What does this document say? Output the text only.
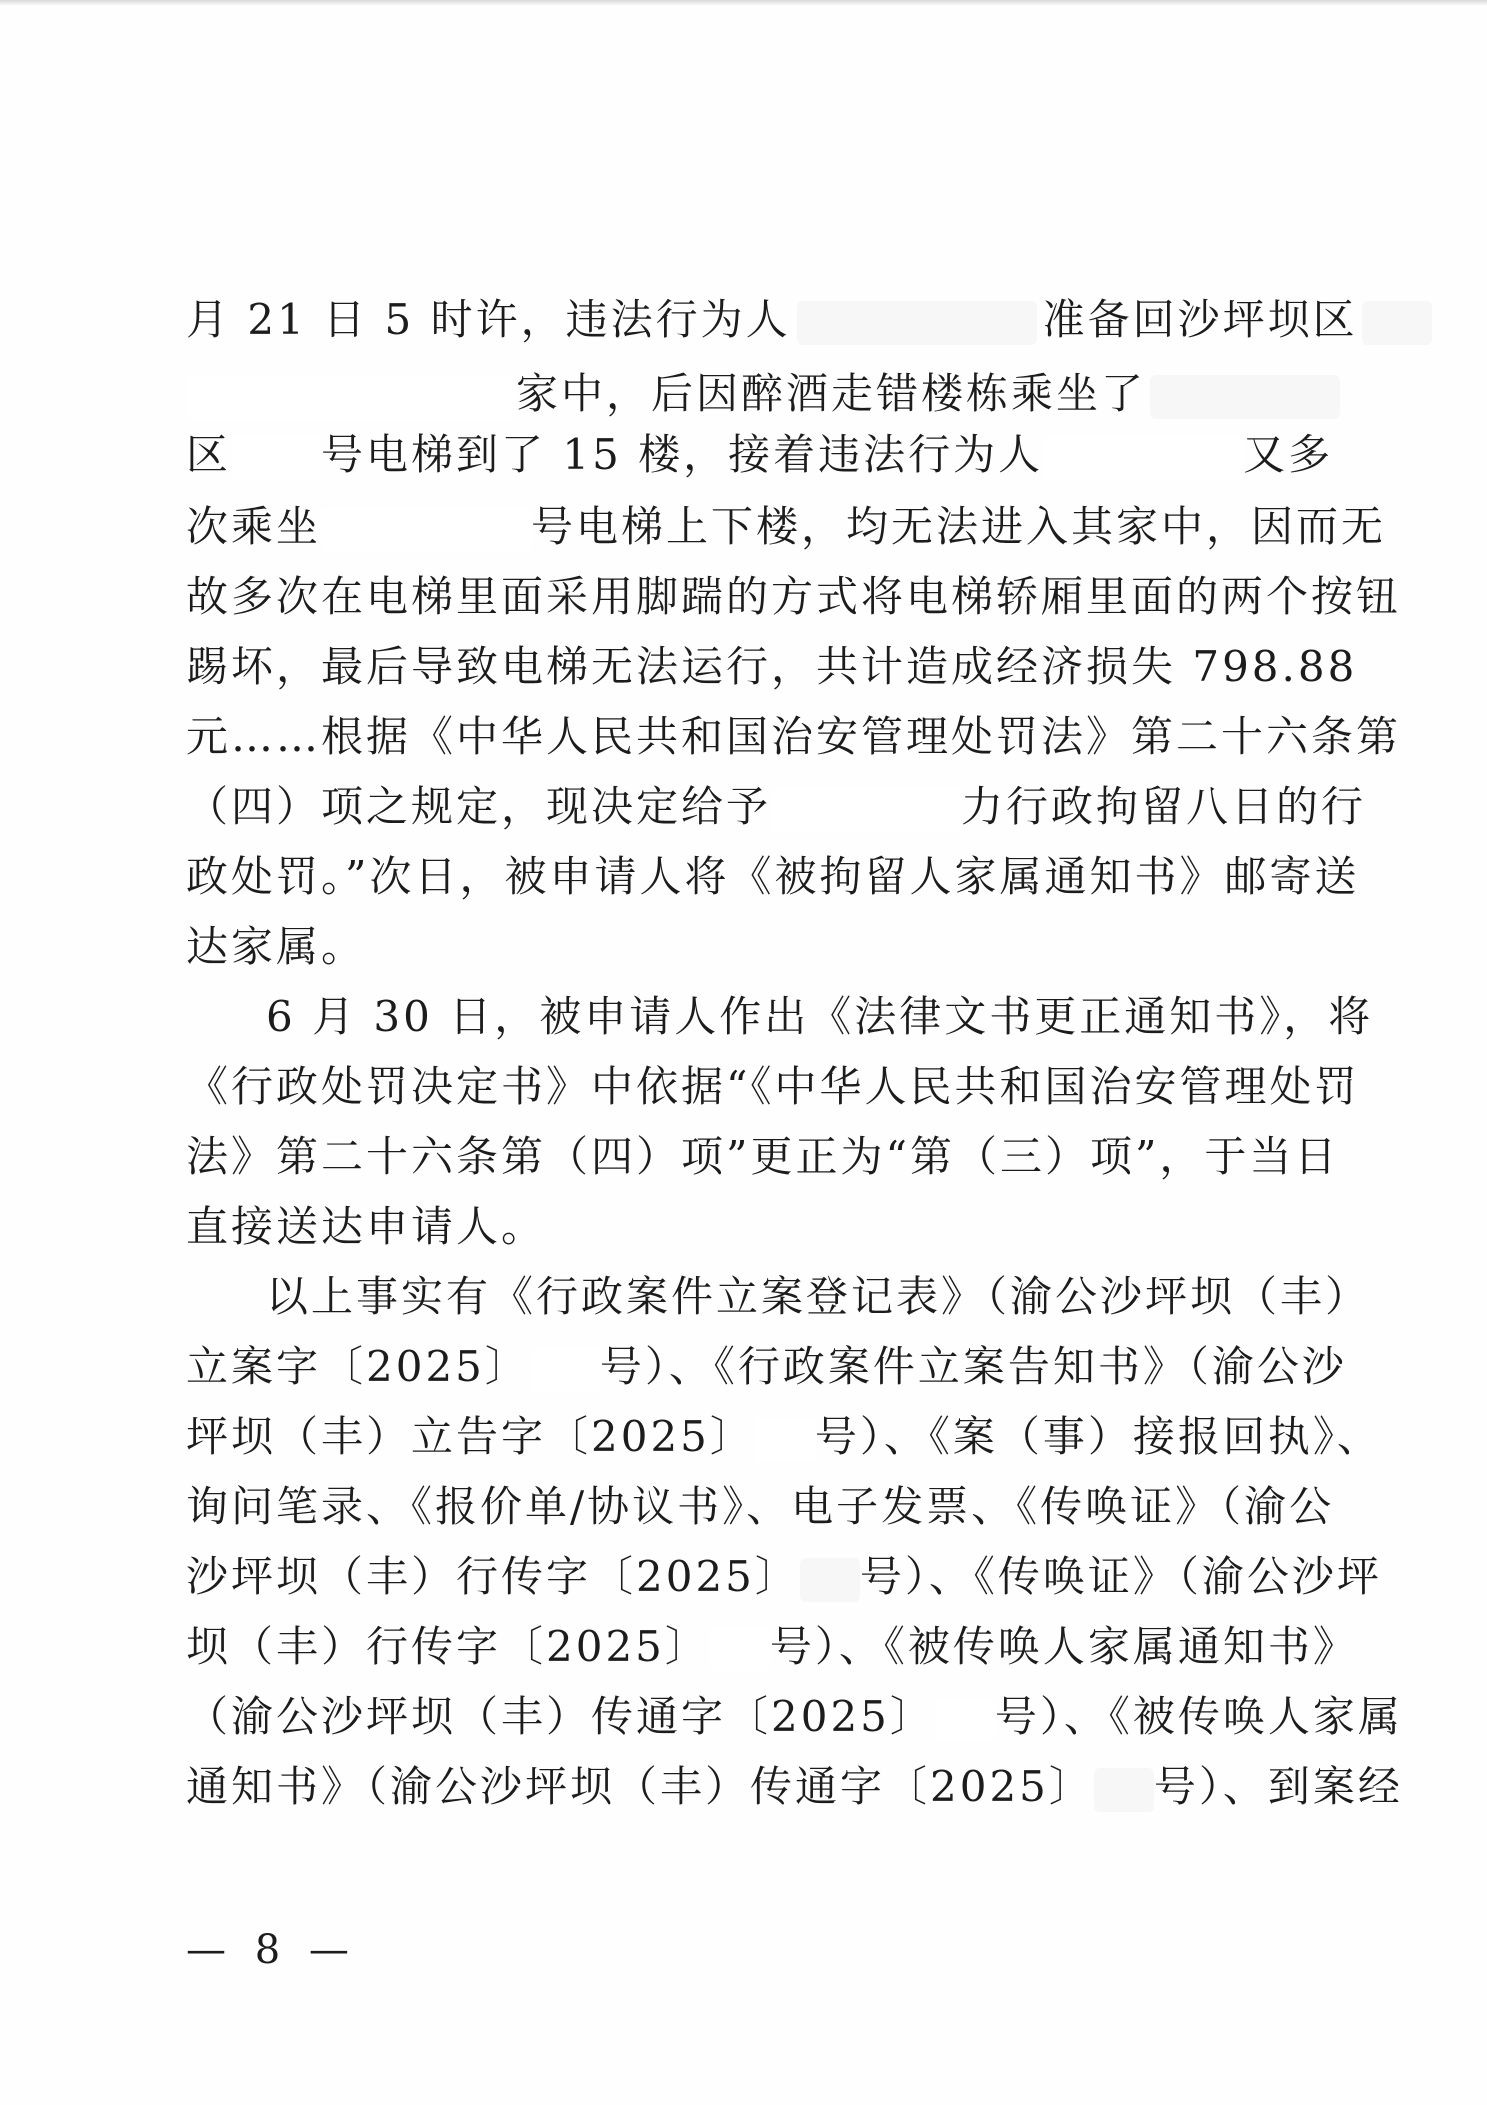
月 21 日 5 时许，违法行为人	准备回沙坪坝区
家中，后因醉酒走错楼栋乘坐了
区 号电梯到了 15 楼，接着违法行为人	又多
次乘坐	号电梯上下楼，均无法进入其家中，因而无
故多次在电梯里面采用脚踹的方式将电梯轿厢里面的两个按钮
踢坏，最后导致电梯无法运行，共计造成经济损失 798.88
元……根据《中华人民共和国治安管理处罚法》第二十六条第
（四）项之规定，现决定给予	力行政拘留八日的行
政处罚。”次日，被申请人将《被拘留人家属通知书》邮寄送
达家属。
6 月 30 日，被申请人作出《法律文书更正通知书》，将
《行政处罚决定书》中依据“《中华人民共和国治安管理处罚
法》第二十六条第（四）项”更正为“第（三）项”，于当日
直接送达申请人。
以上事实有《行政案件立案登记表》（渝公沙坪坝（丰）
立案字〔2025〕 号）、《行政案件立案告知书》（渝公沙
坪坝（丰）立告字〔2025〕 号）、《案（事）接报回执》、
询问笔录、《报价单/协议书》、电子发票、《传唤证》（渝公
沙坪坝（丰）行传字〔2025〕 号）、《传唤证》（渝公沙坪
坝（丰）行传字〔2025〕 号）、《被传唤人家属通知书》
（渝公沙坪坝（丰）传通字〔2025〕 号）、《被传唤人家属
通知书》（渝公沙坪坝（丰）传通字〔2025〕 号）、到案经
— 8 —
